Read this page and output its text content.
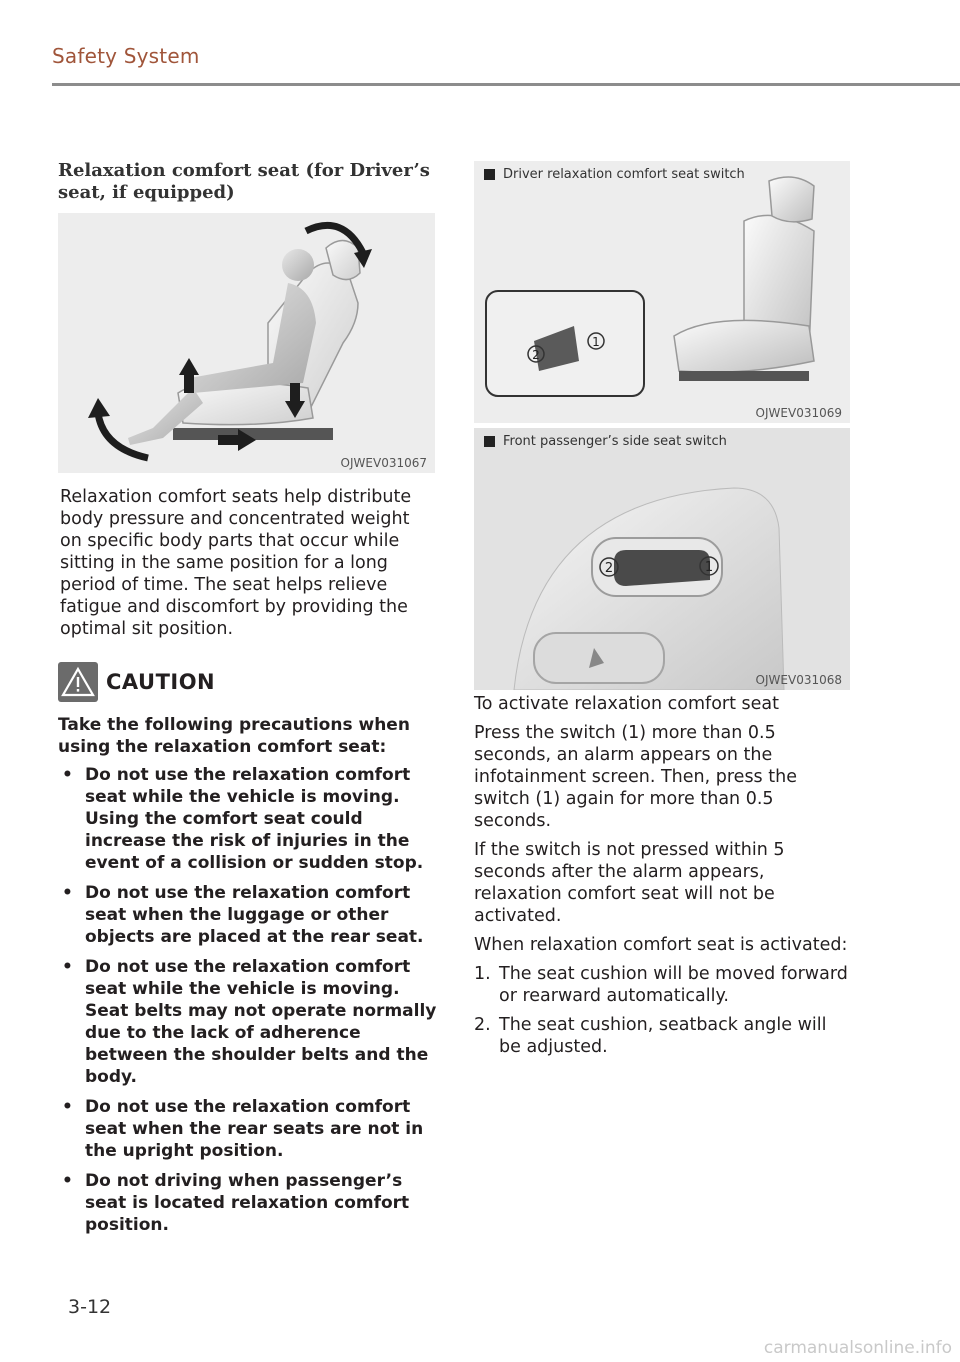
Safety System
Relaxation comfort seat (for Driver’s seat, if equipped)
OJWEV031067

Relaxation comfort seats help distribute body pressure and concentrated weight on specific body parts that occur while sitting in the same position for a long period of time. The seat helps relieve fatigue and discomfort by providing the optimal sit position.

CAUTION
Take the following precautions when using the relaxation comfort seat:
• Do not use the relaxation comfort seat while the vehicle is moving. Using the comfort seat could increase the risk of injuries in the event of a collision or sudden stop.
• Do not use the relaxation comfort seat when the luggage or other objects are placed at the rear seat.
• Do not use the relaxation comfort seat while the vehicle is moving. Seat belts may not operate normally due to the lack of adherence between the shoulder belts and the body.
• Do not use the relaxation comfort seat when the rear seats are not in the upright position.
• Do not driving when passenger’s seat is located relaxation comfort position.
Driver relaxation comfort seat switch
2
1
OJWEV031069
Front passenger’s side seat switch
2	1
OJWEV031068

To activate relaxation comfort seat

Press the switch (1) more than 0.5 seconds, an alarm appears on the infotainment screen. Then, press the switch (1) again for more than 0.5 seconds.

If the switch is not pressed within 5 seconds after the alarm appears, relaxation comfort seat will not be activated.

When relaxation comfort seat is activated:

1. The seat cushion will be moved forward or rearward automatically.
2. The seat cushion, seatback angle will be adjusted.
3-12
carmanualsonline.info
